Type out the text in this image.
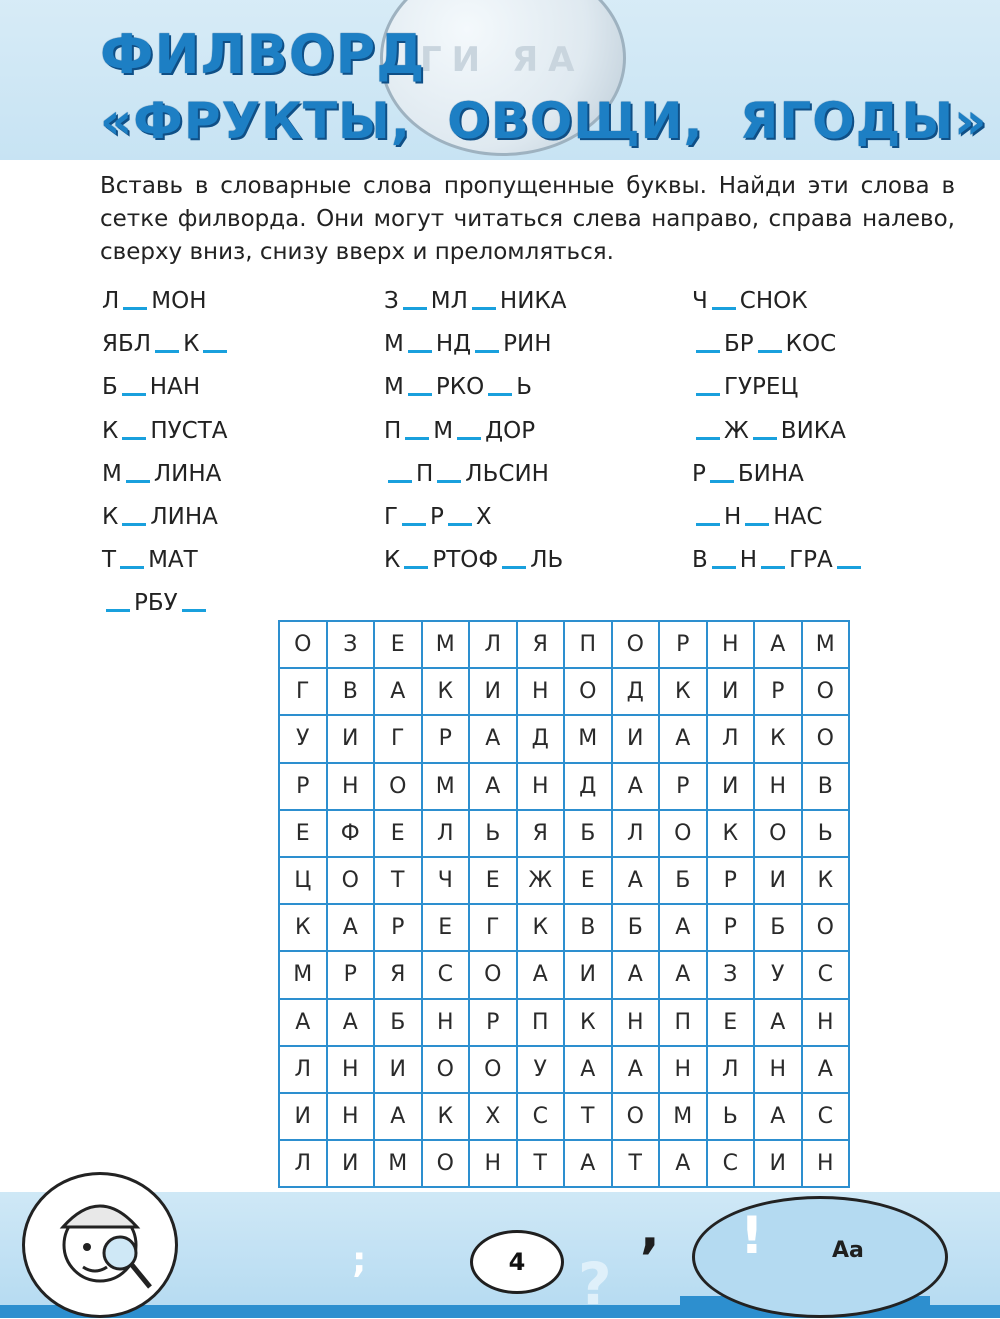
ГИ ЯА
ФИЛВОРД
«ФРУКТЫ, ОВОЩИ, ЯГОДЫ»
Вставь в словарные слова пропущенные буквы. Найди эти слова в сетке филворда. Они могут читаться слева направо, справа налево, сверху вниз, снизу вверх и преломляться.
Л МОН
ЯБЛ К
Б НАН
К ПУСТА
М ЛИНА
К ЛИНА
Т МАТ
РБУ
З МЛ НИКА
М НД РИН
М РКО Ь
П М ДОР
П ЛЬСИН
Г Р Х
К РТОФ ЛЬ
Ч СНОК
БР КОС
ГУРЕЦ
Ж ВИКА
Р БИНА
Н НАС
В Н ГРА
О	З	Е	М	Л	Я	П	О	Р	Н	А	М
Г	В	А	К	И	Н	О	Д	К	И	Р	О
У	И	Г	Р	А	Д	М	И	А	Л	К	О
Р	Н	О	М	А	Н	Д	А	Р	И	Н	В
Е	Ф	Е	Л	Ь	Я	Б	Л	О	К	О	Ь
Ц	О	Т	Ч	Е	Ж	Е	А	Б	Р	И	К
К	А	Р	Е	Г	К	В	Б	А	Р	Б	О
М	Р	Я	С	О	А	И	А	А	З	У	С
А	А	Б	Н	Р	П	К	Н	П	Е	А	Н
Л	Н	И	О	О	У	А	А	Н	Л	Н	А
И	Н	А	К	Х	С	Т	О	М	Ь	А	С
Л	И	М	О	Н	Т	А	Т	А	С	И	Н
;	?
,
4	!	Aa
